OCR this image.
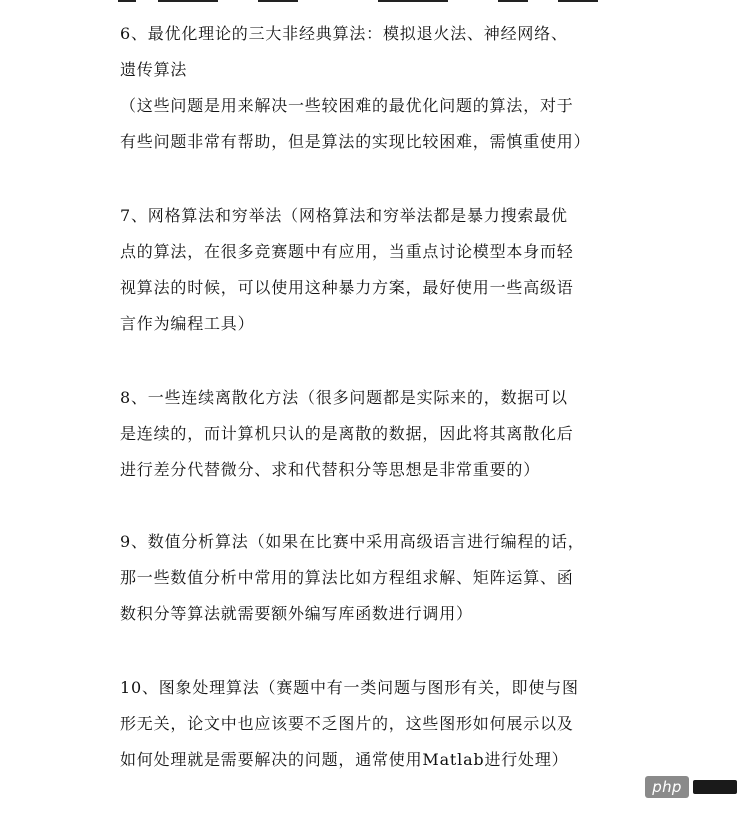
6、最优化理论的三大非经典算法：模拟退火法、神经网络、
遗传算法
（这些问题是用来解决一些较困难的最优化问题的算法，对于
有些问题非常有帮助，但是算法的实现比较困难，需慎重使用）
7、网格算法和穷举法（网格算法和穷举法都是暴力搜索最优
点的算法，在很多竞赛题中有应用，当重点讨论模型本身而轻
视算法的时候，可以使用这种暴力方案，最好使用一些高级语
言作为编程工具）
8、一些连续离散化方法（很多问题都是实际来的，数据可以
是连续的，而计算机只认的是离散的数据，因此将其离散化后
进行差分代替微分、求和代替积分等思想是非常重要的）
9、数值分析算法（如果在比赛中采用高级语言进行编程的话，
那一些数值分析中常用的算法比如方程组求解、矩阵运算、函
数积分等算法就需要额外编写库函数进行调用）
10、图象处理算法（赛题中有一类问题与图形有关，即使与图
形无关，论文中也应该要不乏图片的，这些图形如何展示以及
如何处理就是需要解决的问题，通常使用Matlab进行处理）
php
